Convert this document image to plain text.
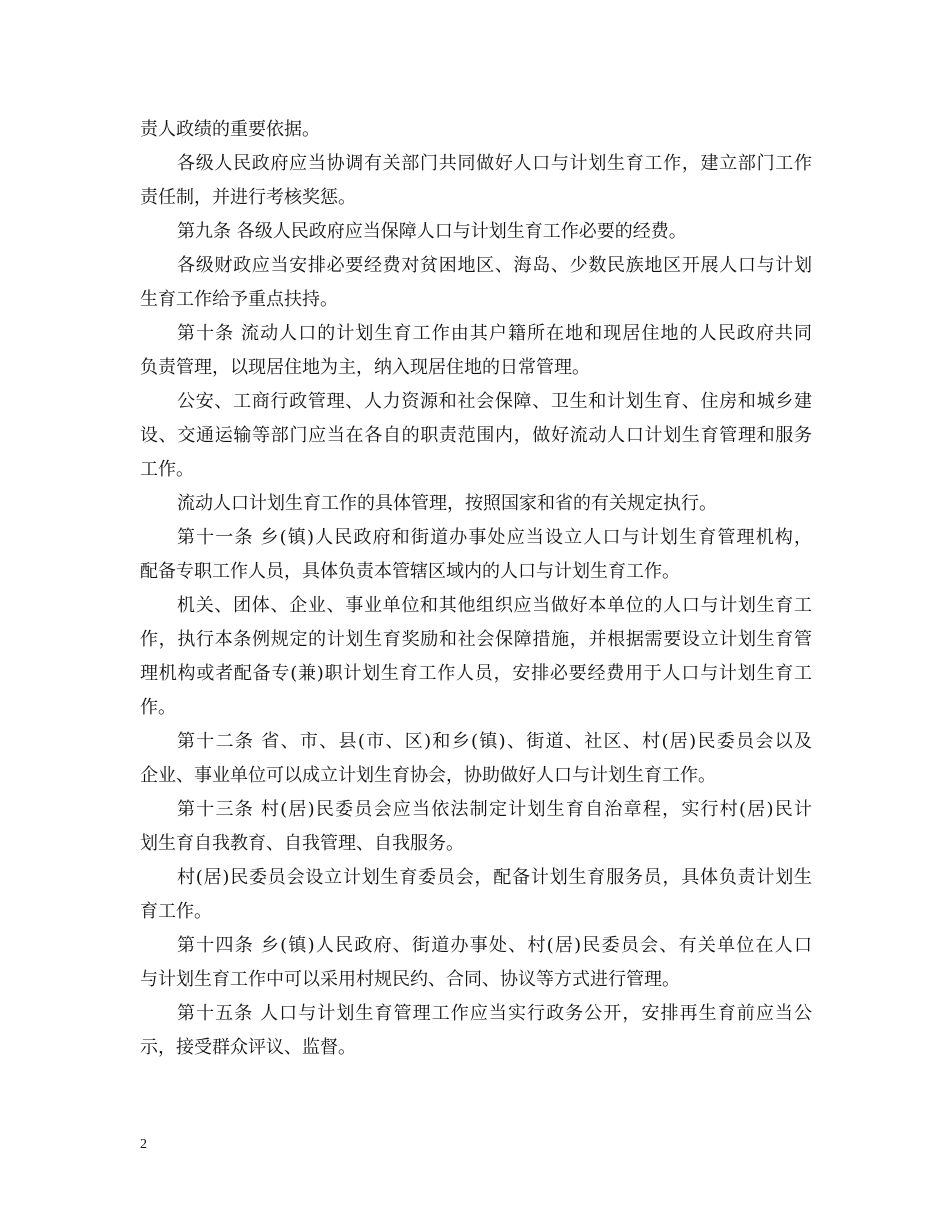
责人政绩的重要依据。
各级人民政府应当协调有关部门共同做好人口与计划生育工作，建立部门工作
责任制，并进行考核奖惩。
第九条 各级人民政府应当保障人口与计划生育工作必要的经费。
各级财政应当安排必要经费对贫困地区、海岛、少数民族地区开展人口与计划
生育工作给予重点扶持。
第十条 流动人口的计划生育工作由其户籍所在地和现居住地的人民政府共同
负责管理，以现居住地为主，纳入现居住地的日常管理。
公安、工商行政管理、人力资源和社会保障、卫生和计划生育、住房和城乡建
设、交通运输等部门应当在各自的职责范围内，做好流动人口计划生育管理和服务
工作。
流动人口计划生育工作的具体管理，按照国家和省的有关规定执行。
第十一条 乡(镇)人民政府和街道办事处应当设立人口与计划生育管理机构，
配备专职工作人员，具体负责本管辖区域内的人口与计划生育工作。
机关、团体、企业、事业单位和其他组织应当做好本单位的人口与计划生育工
作，执行本条例规定的计划生育奖励和社会保障措施，并根据需要设立计划生育管
理机构或者配备专(兼)职计划生育工作人员，安排必要经费用于人口与计划生育工
作。
第十二条 省、市、县(市、区)和乡(镇)、街道、社区、村(居)民委员会以及
企业、事业单位可以成立计划生育协会，协助做好人口与计划生育工作。
第十三条 村(居)民委员会应当依法制定计划生育自治章程，实行村(居)民计
划生育自我教育、自我管理、自我服务。
村(居)民委员会设立计划生育委员会，配备计划生育服务员，具体负责计划生
育工作。
第十四条 乡(镇)人民政府、街道办事处、村(居)民委员会、有关单位在人口
与计划生育工作中可以采用村规民约、合同、协议等方式进行管理。
第十五条 人口与计划生育管理工作应当实行政务公开，安排再生育前应当公
示，接受群众评议、监督。
2
